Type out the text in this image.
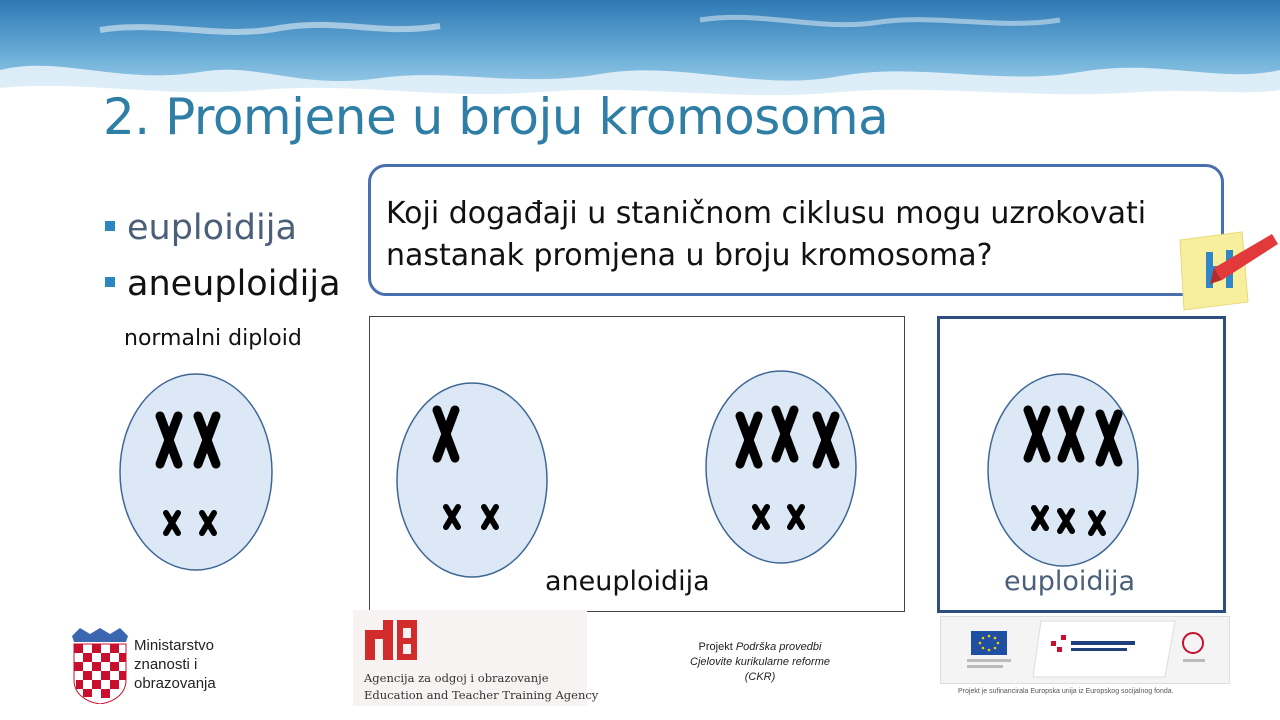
2. Promjene u broju kromosoma
euploidija
aneuploidija
Koji događaji u staničnom ciklusu mogu uzrokovati nastanak promjena u broju kromosoma?
normalni diploid
aneuploidija	euploidija
Ministarstvo
znanosti i
obrazovanja	Agencija za odgoj i obrazovanje
Education and Teacher Training Agency
Projekt Podrška provedbi
Cjelovite kurikularne reforme
(CKR)
Projekt je sufinancirala Europska unija iz Europskog socijalnog fonda.
